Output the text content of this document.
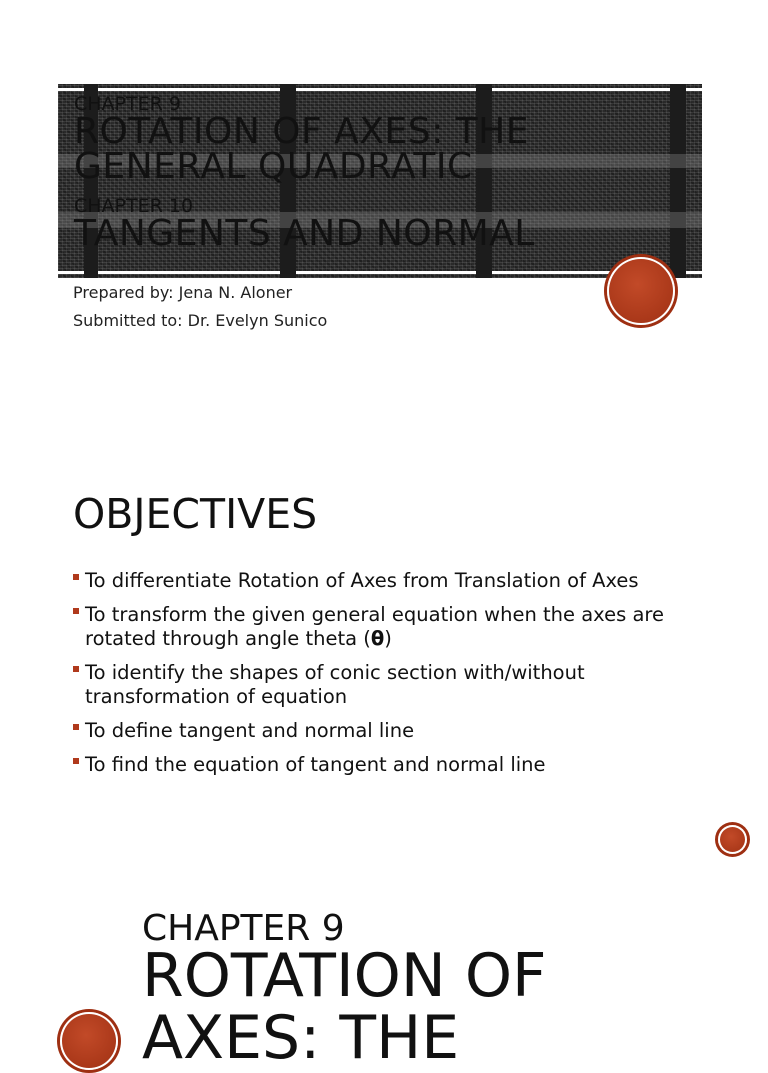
CHAPTER 9

ROTATION OF AXES: THE GENERAL QUADRATIC

CHAPTER 10

TANGENTS AND NORMAL

Prepared by: Jena N. Aloner
Submitted to: Dr. Evelyn Sunico
OBJECTIVES
To differentiate Rotation of Axes from Translation of Axes
To transform the given general equation when the axes are rotated through angle theta (θ)
To identify the shapes of conic section with/without transformation of equation
To define tangent and normal line
To find the equation of tangent and normal line
CHAPTER 9
ROTATION OF AXES: THE
